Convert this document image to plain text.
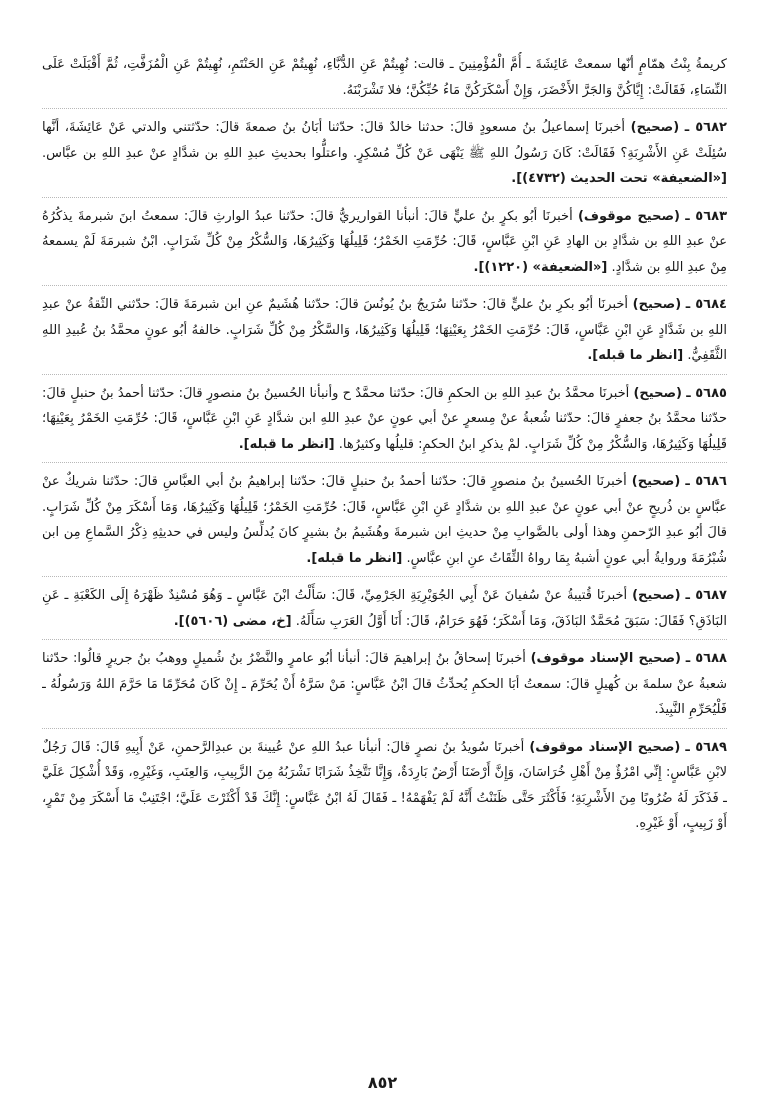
كريمةُ بِنْتُ همّامٍ أنّها سمعتْ عَائِشَةَ ـ أُمَّ الْمُؤْمِنِينَ ـ قالت: نُهِيتُمْ عَنِ الدُّبَّاءِ، نُهِيتُمْ عَنِ الحَنْتَمِ، نُهِيتُمْ عَنِ الْمُزَفَّتِ، ثُمَّ أَقْبَلَتْ عَلَى النِّسَاءِ، فَقَالَتْ: إِيَّاكُنَّ وَالجَرَّ الأَخْضَرَ، وَإِنْ أَسْكَرَكُنَّ مَاءُ حُبِّكُنَّ؛ فلا تَشْرَبْنَهُ.

٥٦٨٢ ـ (صحيح) أخبرنَا إسماعيلُ بنُ مسعودٍ قالَ: حدثنا خالدٌ قالَ: حدّثنا أبَانُ بنُ صمعةَ قالَ: حدّثتني والدتي عَنْ عَائِشَةَ، أنَّها سُئِلَتْ عَنِ الأَشْرِبَةِ؟ فَقَالَتْ: كَانَ رَسُولُ اللهِ ﷺ يَنْهَى عَنْ كُلِّ مُسْكِرٍ. واعتلُّوا بحديثِ عبدِ اللهِ بن شدَّادٍ عنْ عبدِ اللهِ بن عبَّاس. [«الضعيفة» تحت الحديث (٤٧٣٢)].

٥٦٨٣ ـ (صحيح موقوف) أخبرنَا أبُو بكرٍ بنُ عليٍّ قالَ: أنبأنا القواريريُّ قالَ: حدّثنا عبدُ الوارثِ قالَ: سمعتُ ابنَ شبرمةَ يذكُرُهُ عنْ عبدِ اللهِ بن شدَّادٍ بن الهادِ عَنِ ابْنِ عَبَّاسٍ، قَالَ: حُرِّمَتِ الخَمْرُ؛ قَلِيلُهَا وَكَثِيرُهَا، وَالسُّكْرُ مِنْ كُلِّ شَرَابٍ. ابْنُ شبرمَةَ لَمْ يسمعهُ مِنْ عبدِ اللهِ بن شدَّادٍ. [«الضعيفة» (١٢٢٠)].

٥٦٨٤ ـ (صحيح) أخبرنَا أبُو بكرِ بنُ عليٍّ قالَ: حدّثنا سُرَيجُ بنُ يُونُسَ قالَ: حدّثنا هُشَيمٌ عنِ ابن شبرمَةَ قالَ: حدّثني الثّقةُ عنْ عبدِ اللهِ بن شَدَّادٍ عَنِ ابْنِ عَبَّاسٍ، قَالَ: حُرِّمَتِ الخَمْرُ بِعَيْنِهَا؛ قَلِيلُهَا وَكَثِيرُهَا، وَالسَّكْرُ مِنْ كُلِّ شَرَابٍ. خالفهُ أبُو عونٍ محمَّدُ بنُ عُبيدِ اللهِ الثَّقَفِيُّ. [انظر ما قبله].

٥٦٨٥ ـ (صحيح) أخبرنَا محمَّدُ بنُ عبدِ اللهِ بن الحكمِ قالَ: حدّثنا محمَّدٌ ح وأنبأنا الحُسينُ بنُ منصورٍ قالَ: حدّثنا أحمدُ بنُ حنبلٍ قالَ: حدّثنا محمَّدُ بنُ جعفرٍ قالَ: حدّثنا شُعبةُ عنْ مِسعرٍ عنْ أبي عونٍ عنْ عبدِ اللهِ ابن شدَّادٍ عَنِ ابْنِ عَبَّاسٍ، قَالَ: حُرِّمَتِ الخَمْرُ بِعَيْنِهَا؛ قَلِيلُهَا وَكَثِيرُهَا، وَالسُّكْرُ مِنْ كُلِّ شَرَابٍ. لمْ يذكرِ ابنُ الحكمِ: قليلُها وكثيرُها. [انظر ما قبله].

٥٦٨٦ ـ (صحيح) أخبرنَا الحُسينُ بنُ منصورٍ قالَ: حدّثنا أحمدُ بنُ حنبلٍ قالَ: حدّثنا إبراهيمُ بنُ أبي العبَّاسِ قالَ: حدّثنا شريكٌ عنْ عبَّاسٍ بن ذُريحٍ عنْ أبي عونٍ عنْ عبدِ اللهِ بن شدَّادٍ عَنِ ابْنِ عَبَّاسٍ، قَالَ: حُرِّمَتِ الخَمْرُ؛ قَلِيلُهَا وَكَثِيرُهَا، وَمَا أَسْكَرَ مِنْ كُلِّ شَرَابٍ. قالَ أبُو عبدِ الرّحمنِ وهذا أولى بالصَّوابِ مِنْ حديثِ ابن شبرمةَ وهُشَيمُ بنُ بشيرٍ كانَ يُدلِّسُ وليس في حديثِهِ ذِكْرُ السَّماعِ مِن ابن شُبْرُمَةَ وروايةُ أبي عونٍ أشبهُ بِمَا رواهُ الثِّقَاتُ عنِ ابنِ عبَّاسٍ. [انظر ما قبله].

٥٦٨٧ ـ (صحيح) أخبرنَا قُتيبةُ عنْ سُفيانَ عَنْ أَبِي الجُوَيْرِيَةِ الجَرْمِيِّ، قَالَ: سَأَلْتُ ابْنَ عَبَّاسٍ ـ وَهُوَ مُسْنِدٌ ظَهْرَهُ إِلَى الكَعْبَةِ ـ عَنِ البَاذَقِ؟ فَقَالَ: سَبَقَ مُحَمَّدٌ البَاذَقَ، وَمَا أَسْكَرَ؛ فَهُوَ حَرَامٌ، قَالَ: أَنَا أَوَّلُ العَرَبِ سَأَلَهُ. [خ، مضى (٥٦٠٦)].

٥٦٨٨ ـ (صحيح الإسناد موقوف) أخبرنَا إسحاقُ بنُ إبراهيمَ قالَ: أنبأنا أبُو عامرٍ والنَّضْرُ بنُ شُميلٍ ووهبُ بنُ جريرٍ قالُوا: حدّثنا شعبةُ عنْ سلمةَ بن كُهيلٍ قالَ: سمعتُ أبَا الحكمِ يُحدِّثُ قالَ ابْنُ عَبَّاسٍ: مَنْ سَرَّهُ أَنْ يُحَرِّمَ ـ إِنْ كَانَ مُحَرِّمًا مَا حَرَّمَ اللهُ وَرَسُولُهُ ـ فَلْيُحَرِّمِ النَّبِيذَ.

٥٦٨٩ ـ (صحيح الإسناد موقوف) أخبرنَا سُويدُ بنُ نصرٍ قالَ: أنبأنا عبدُ اللهِ عنْ عُيينةَ بن عبدِالرَّحمنِ، عَنْ أَبِيهِ قَالَ: قَالَ رَجُلٌ لابْنِ عَبَّاسٍ: إِنِّي امْرُؤٌ مِنْ أَهْلِ خُرَاسَانَ، وَإِنَّ أَرْضَنَا أَرْضٌ بَارِدَةٌ، وَإِنَّا نَتَّخِذُ شَرَابًا نَشْرَبُهُ مِنَ الزَّبِيبِ، وَالعِنَبِ، وَغَيْرِهِ، وَقَدْ أُشْكِلَ عَلَيَّ ـ فَذَكَرَ لَهُ ضُرُوبًا مِنَ الأَشْرِبَةِ؛ فَأَكْثَرَ حَتَّى ظَنَنْتُ أَنَّهُ لَمْ يَفْهَمْهُ! ـ فَقَالَ لَهُ ابْنُ عَبَّاسٍ: إِنَّكَ قَدْ أَكْثَرْتَ عَلَيَّ؛ اجْتَنِبْ مَا أَسْكَرَ مِنْ تَمْرٍ، أَوْ زَبِيبٍ، أَوْ غَيْرِهِ.

٨٥٢
